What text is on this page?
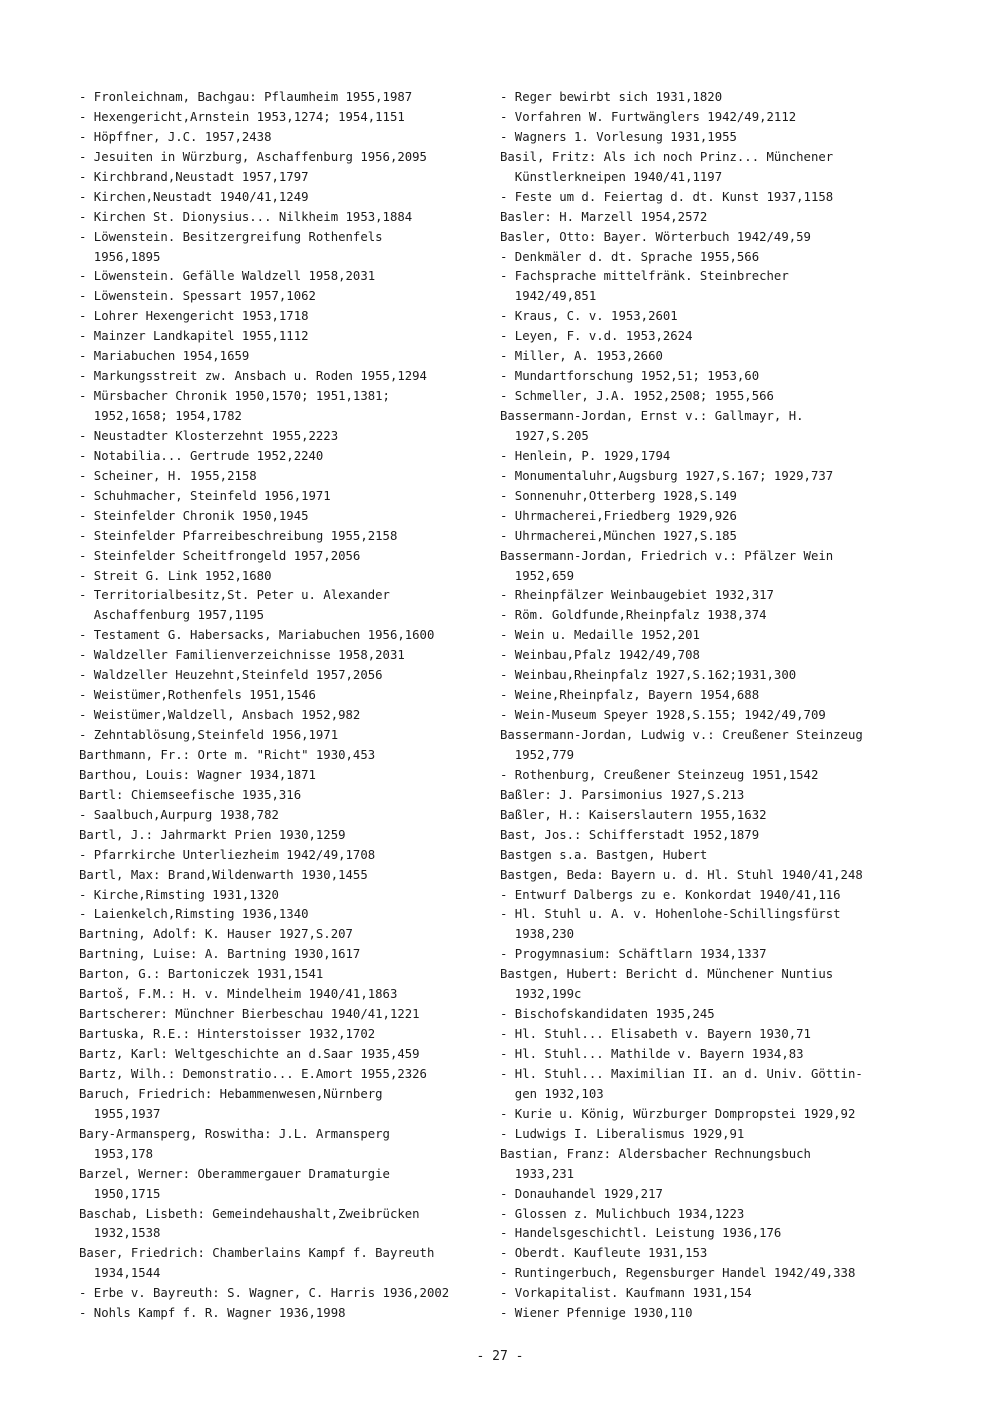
- Fronleichnam, Bachgau: Pflaumheim 1955,1987
- Hexengericht,Arnstein 1953,1274; 1954,1151
- Höpffner, J.C. 1957,2438
- Jesuiten in Würzburg, Aschaffenburg 1956,2095
- Kirchbrand,Neustadt 1957,1797
- Kirchen,Neustadt 1940/41,1249
- Kirchen St. Dionysius... Nilkheim 1953,1884
- Löwenstein. Besitzergreifung Rothenfels
1956,1895
- Löwenstein. Gefälle Waldzell 1958,2031
- Löwenstein. Spessart 1957,1062
- Lohrer Hexengericht 1953,1718
- Mainzer Landkapitel 1955,1112
- Mariabuchen 1954,1659
- Markungsstreit zw. Ansbach u. Roden 1955,1294
- Mürsbacher Chronik 1950,1570; 1951,1381;
1952,1658; 1954,1782
- Neustadter Klosterzehnt 1955,2223
- Notabilia... Gertrude 1952,2240
- Scheiner, H. 1955,2158
- Schuhmacher, Steinfeld 1956,1971
- Steinfelder Chronik 1950,1945
- Steinfelder Pfarreibeschreibung 1955,2158
- Steinfelder Scheitfrongeld 1957,2056
- Streit G. Link 1952,1680
- Territorialbesitz,St. Peter u. Alexander
Aschaffenburg 1957,1195
- Testament G. Habersacks, Mariabuchen 1956,1600
- Waldzeller Familienverzeichnisse 1958,2031
- Waldzeller Heuzehnt,Steinfeld 1957,2056
- Weistümer,Rothenfels 1951,1546
- Weistümer,Waldzell, Ansbach 1952,982
- Zehntablösung,Steinfeld 1956,1971
Barthmann, Fr.: Orte m. "Richt" 1930,453
Barthou, Louis: Wagner 1934,1871
Bartl: Chiemseefische 1935,316
- Saalbuch,Aurpurg 1938,782
Bartl, J.: Jahrmarkt Prien 1930,1259
- Pfarrkirche Unterliezheim 1942/49,1708
Bartl, Max: Brand,Wildenwarth 1930,1455
- Kirche,Rimsting 1931,1320
- Laienkelch,Rimsting 1936,1340
Bartning, Adolf: K. Hauser 1927,S.207
Bartning, Luise: A. Bartning 1930,1617
Barton, G.: Bartoniczek 1931,1541
Bartoš, F.M.: H. v. Mindelheim 1940/41,1863
Bartscherer: Münchner Bierbeschau 1940/41,1221
Bartuska, R.E.: Hinterstoisser 1932,1702
Bartz, Karl: Weltgeschichte an d.Saar 1935,459
Bartz, Wilh.: Demonstratio... E.Amort 1955,2326
Baruch, Friedrich: Hebammenwesen,Nürnberg
1955,1937
Bary-Armansperg, Roswitha: J.L. Armansperg
1953,178
Barzel, Werner: Oberammergauer Dramaturgie
1950,1715
Baschab, Lisbeth: Gemeindehaushalt,Zweibrücken
1932,1538
Baser, Friedrich: Chamberlains Kampf f. Bayreuth
1934,1544
- Erbe v. Bayreuth: S. Wagner, C. Harris 1936,2002
- Nohls Kampf f. R. Wagner 1936,1998
- Reger bewirbt sich 1931,1820
- Vorfahren W. Furtwänglers 1942/49,2112
- Wagners 1. Vorlesung 1931,1955
Basil, Fritz: Als ich noch Prinz... Münchener
Künstlerkneipen 1940/41,1197
- Feste um d. Feiertag d. dt. Kunst 1937,1158
Basler: H. Marzell 1954,2572
Basler, Otto: Bayer. Wörterbuch 1942/49,59
- Denkmäler d. dt. Sprache 1955,566
- Fachsprache mittelfränk. Steinbrecher
1942/49,851
- Kraus, C. v. 1953,2601
- Leyen, F. v.d. 1953,2624
- Miller, A. 1953,2660
- Mundartforschung 1952,51; 1953,60
- Schmeller, J.A. 1952,2508; 1955,566
Bassermann-Jordan, Ernst v.: Gallmayr, H.
1927,S.205
- Henlein, P. 1929,1794
- Monumentaluhr,Augsburg 1927,S.167; 1929,737
- Sonnenuhr,Otterberg 1928,S.149
- Uhrmacherei,Friedberg 1929,926
- Uhrmacherei,München 1927,S.185
Bassermann-Jordan, Friedrich v.: Pfälzer Wein
1952,659
- Rheinpfälzer Weinbaugebiet 1932,317
- Röm. Goldfunde,Rheinpfalz 1938,374
- Wein u. Medaille 1952,201
- Weinbau,Pfalz 1942/49,708
- Weinbau,Rheinpfalz 1927,S.162;1931,300
- Weine,Rheinpfalz, Bayern 1954,688
- Wein-Museum Speyer 1928,S.155; 1942/49,709
Bassermann-Jordan, Ludwig v.: Creußener Steinzeug
1952,779
- Rothenburg, Creußener Steinzeug 1951,1542
Baßler: J. Parsimonius 1927,S.213
Baßler, H.: Kaiserslautern 1955,1632
Bast, Jos.: Schifferstadt 1952,1879
Bastgen s.a. Bastgen, Hubert
Bastgen, Beda: Bayern u. d. Hl. Stuhl 1940/41,248
- Entwurf Dalbergs zu e. Konkordat 1940/41,116
- Hl. Stuhl u. A. v. Hohenlohe-Schillingsfürst
1938,230
- Progymnasium: Schäftlarn 1934,1337
Bastgen, Hubert: Bericht d. Münchener Nuntius
1932,199c
- Bischofskandidaten 1935,245
- Hl. Stuhl... Elisabeth v. Bayern 1930,71
- Hl. Stuhl... Mathilde v. Bayern 1934,83
- Hl. Stuhl... Maximilian II. an d. Univ. Göttin-
gen 1932,103
- Kurie u. König, Würzburger Dompropstei 1929,92
- Ludwigs I. Liberalismus 1929,91
Bastian, Franz: Aldersbacher Rechnungsbuch
1933,231
- Donauhandel 1929,217
- Glossen z. Mulichbuch 1934,1223
- Handelsgeschichtl. Leistung 1936,176
- Oberdt. Kaufleute 1931,153
- Runtingerbuch, Regensburger Handel 1942/49,338
- Vorkapitalist. Kaufmann 1931,154
- Wiener Pfennige 1930,110
- 27 -
